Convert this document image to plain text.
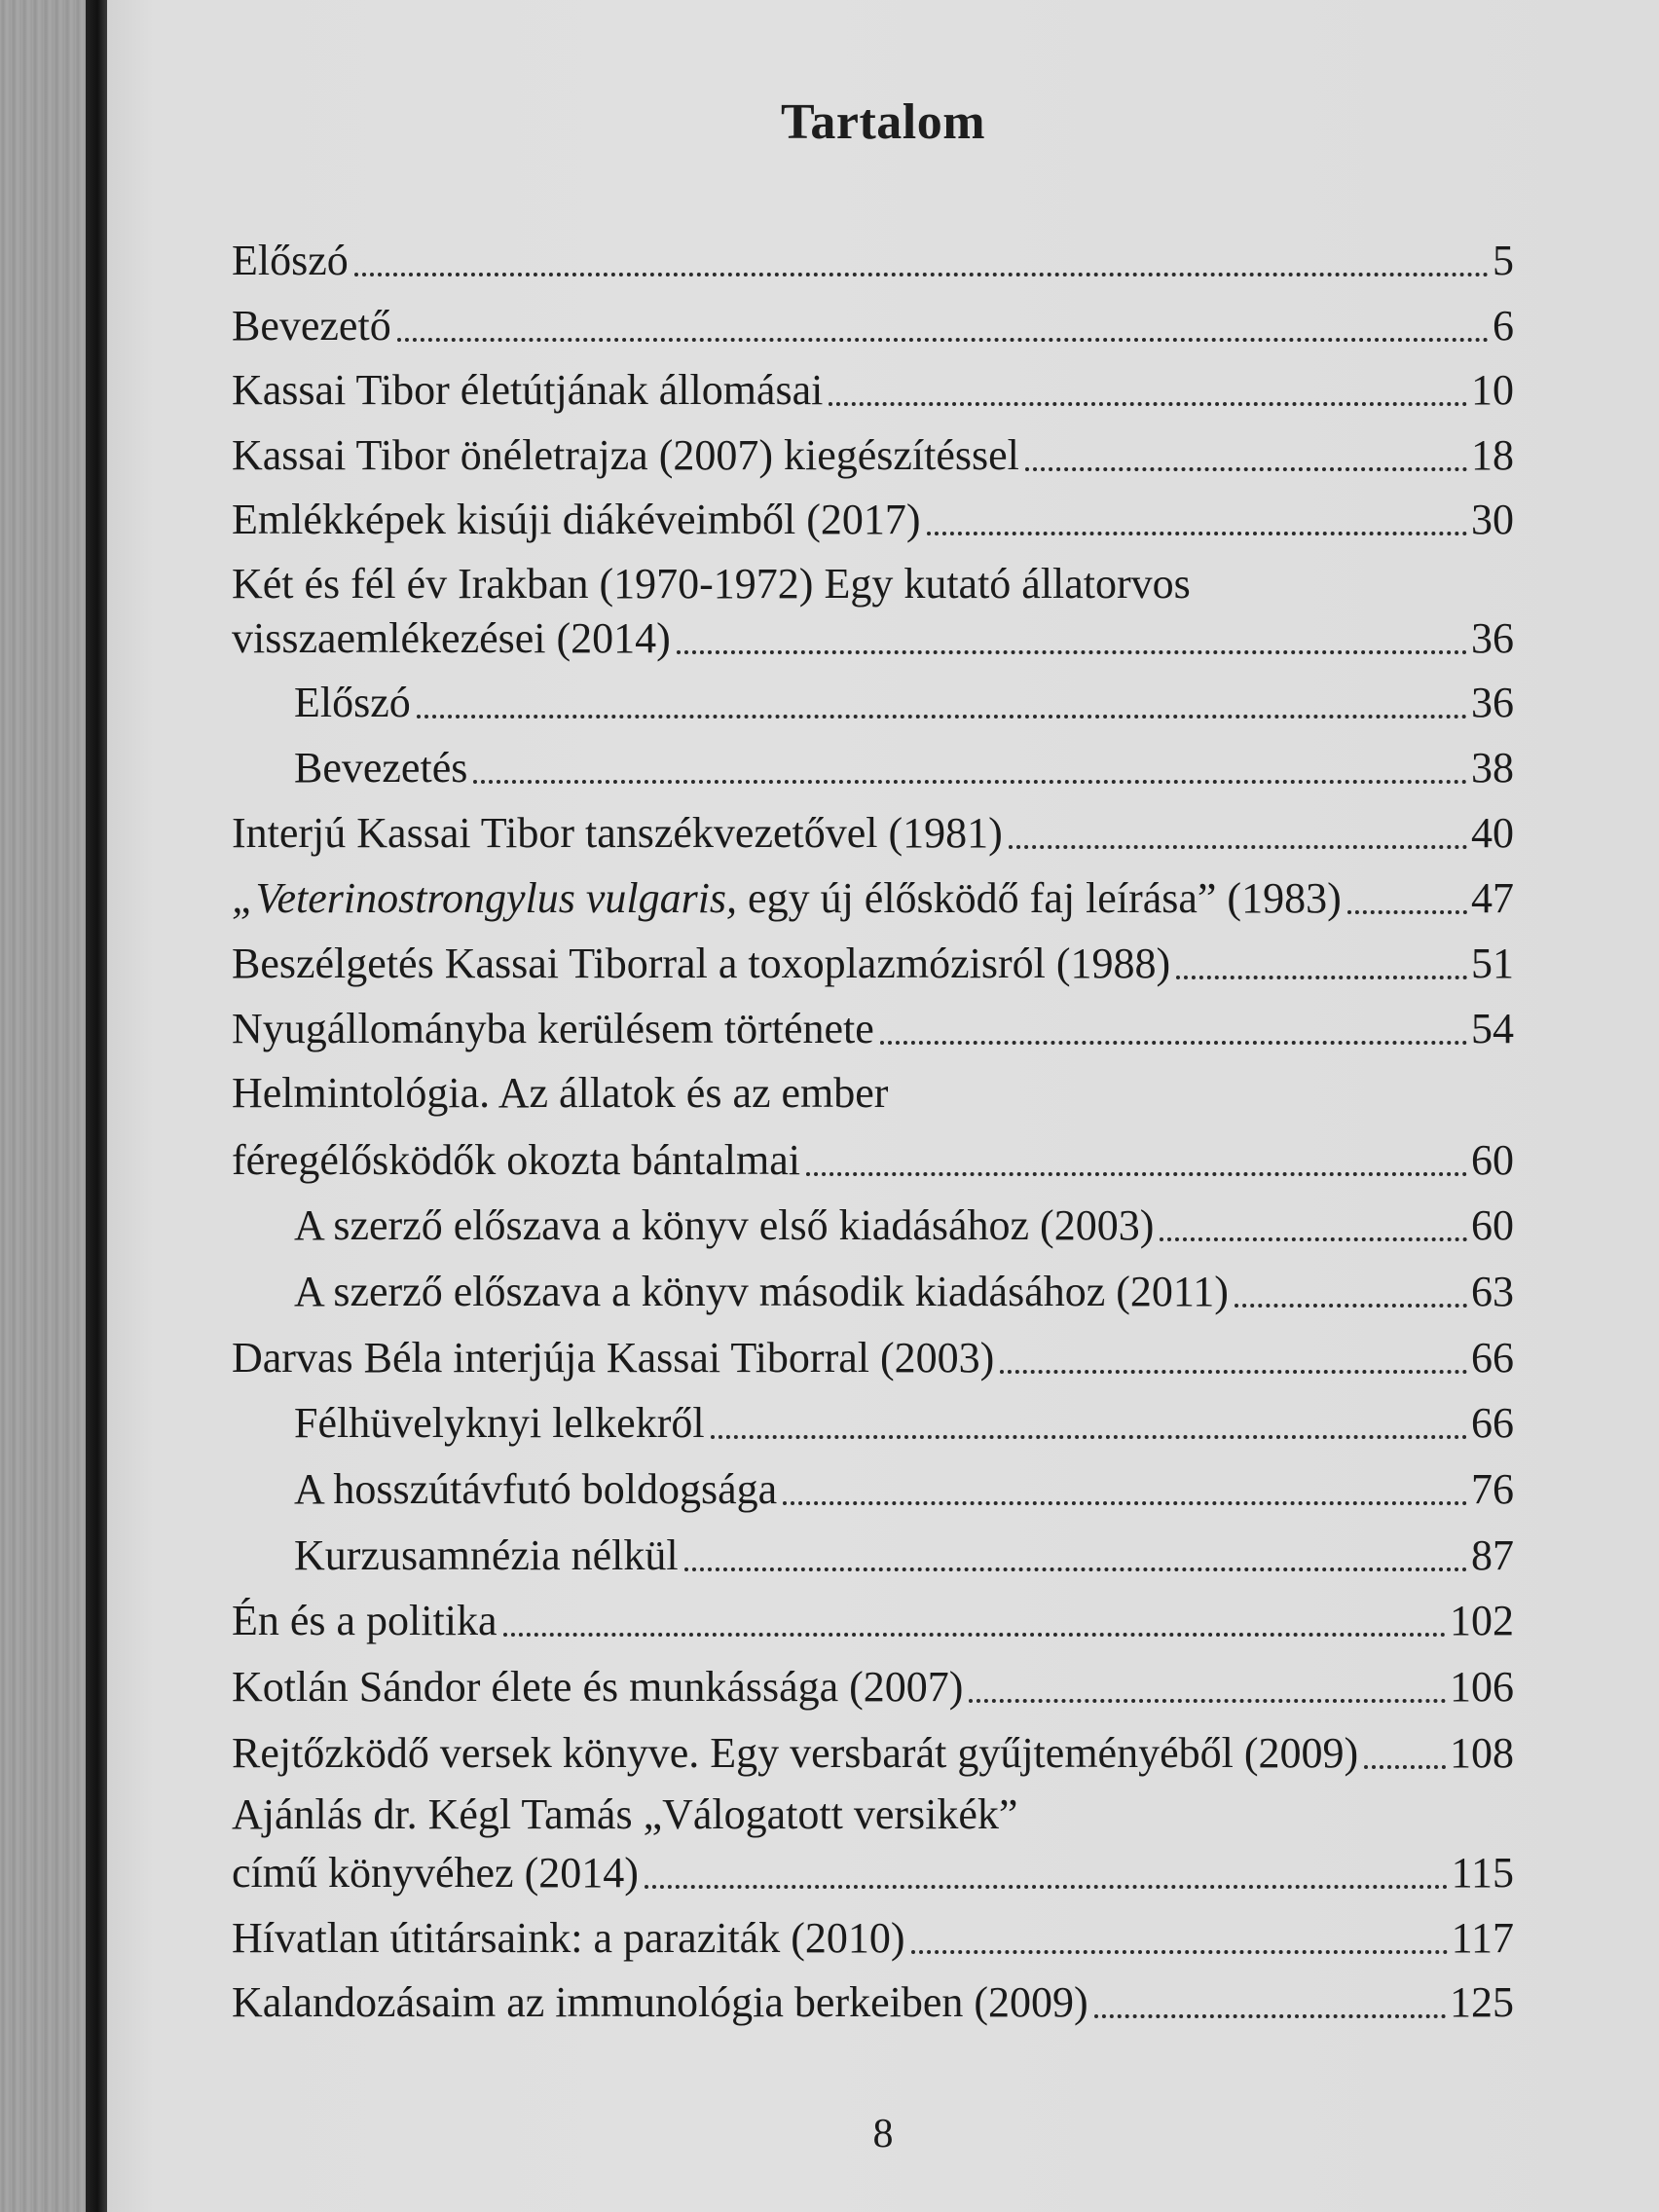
Tartalom
Előszó	5
Bevezető	6
Kassai Tibor életútjának állomásai	10
Kassai Tibor önéletrajza (2007) kiegészítéssel	18
Emlékképek kisúji diákéveimből (2017)	30
Két és fél év Irakban (1970-1972) Egy kutató állatorvos
visszaemlékezései (2014)	36
Előszó	36
Bevezetés	38
Interjú Kassai Tibor tanszékvezetővel (1981)	40
„Veterinostrongylus vulgaris, egy új élősködő faj leírása” (1983)	47
Beszélgetés Kassai Tiborral a toxoplazmózisról (1988)	51
Nyugállományba kerülésem története	54
Helmintológia. Az állatok és az ember
féregélősködők okozta bántalmai	60
A szerző előszava a könyv első kiadásához (2003)	60
A szerző előszava a könyv második kiadásához (2011)	63
Darvas Béla interjúja Kassai Tiborral (2003)	66
Félhüvelyknyi lelkekről	66
A hosszútávfutó boldogsága	76
Kurzusamnézia nélkül	87
Én és a politika	102
Kotlán Sándor élete és munkássága (2007)	106
Rejtőzködő versek könyve. Egy versbarát gyűjteményéből (2009) 108
Ajánlás dr. Kégl Tamás „Válogatott versikék”
című könyvéhez (2014)	115
Hívatlan útitársaink: a paraziták (2010)	117
Kalandozásaim az immunológia berkeiben (2009)	125
8
